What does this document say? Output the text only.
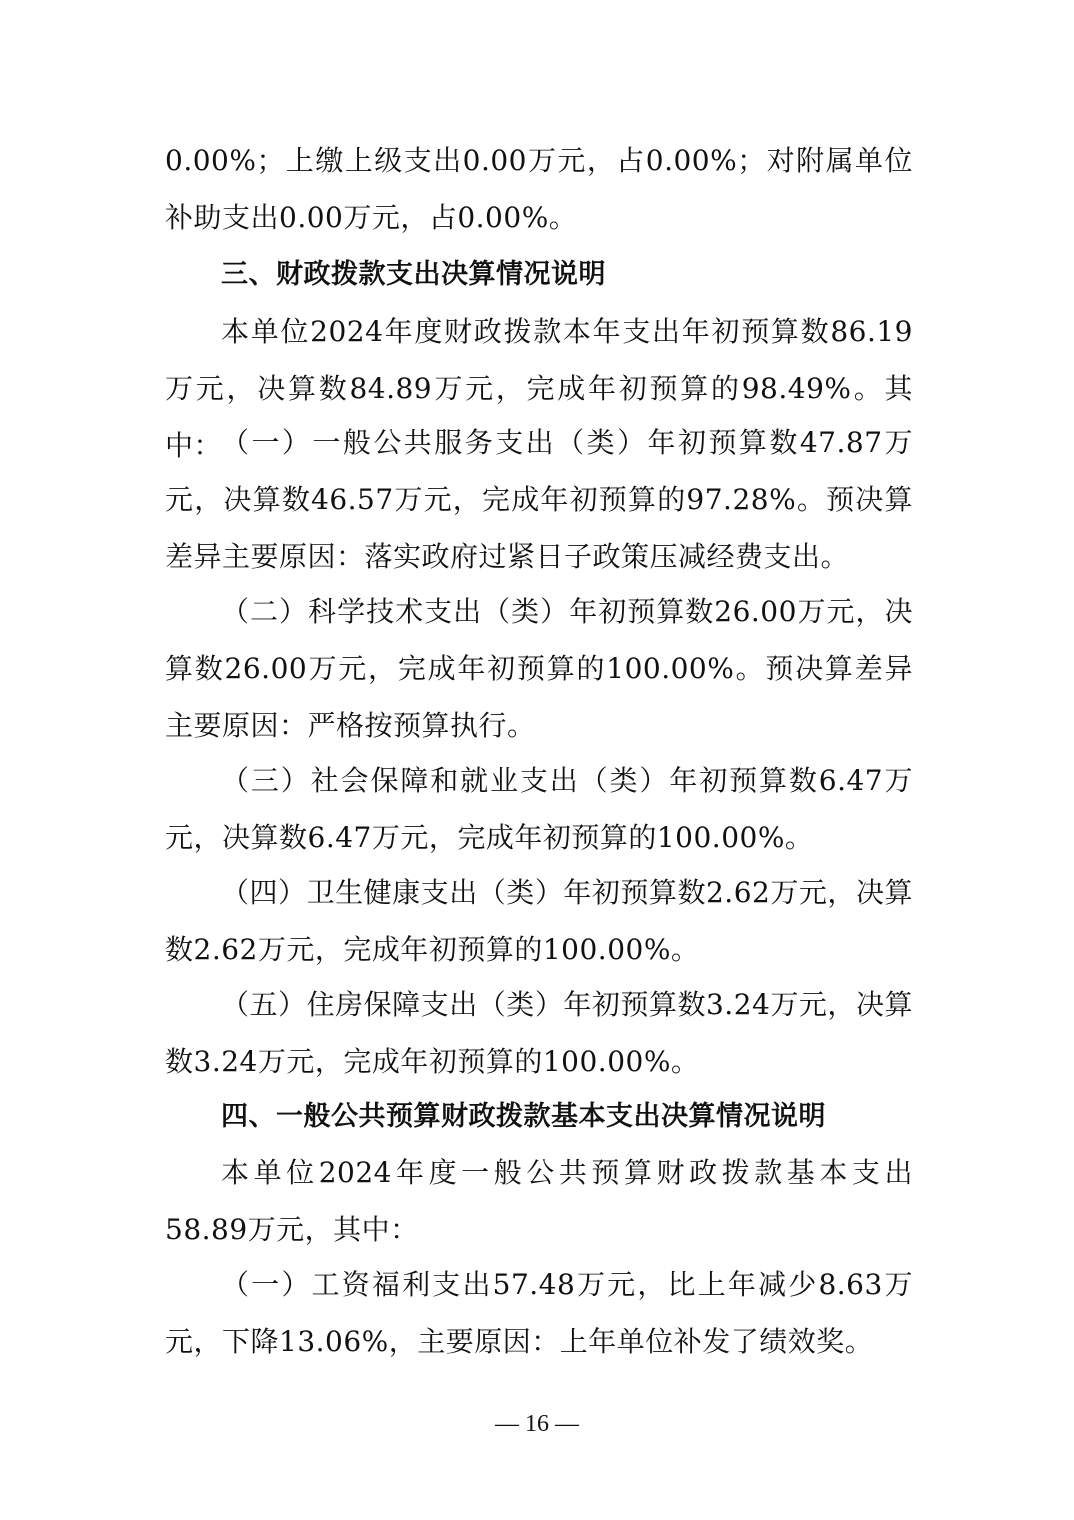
0.00%；上缴上级支出0.00万元，占0.00%；对附属单位补助支出0.00万元，占0.00%。

三、财政拨款支出决算情况说明

本单位2024年度财政拨款本年支出年初预算数86.19万元，决算数84.89万元，完成年初预算的98.49%。其中：

（一）一般公共服务支出（类）年初预算数47.87万元，决算数46.57万元，完成年初预算的97.28%。预决算差异主要原因：落实政府过紧日子政策压减经费支出。

（二）科学技术支出（类）年初预算数26.00万元，决算数26.00万元，完成年初预算的100.00%。预决算差异主要原因：严格按预算执行。

（三）社会保障和就业支出（类）年初预算数6.47万元，决算数6.47万元，完成年初预算的100.00%。

（四）卫生健康支出（类）年初预算数2.62万元，决算数2.62万元，完成年初预算的100.00%。

（五）住房保障支出（类）年初预算数3.24万元，决算数3.24万元，完成年初预算的100.00%。

四、一般公共预算财政拨款基本支出决算情况说明

本单位2024年度一般公共预算财政拨款基本支出58.89万元，其中：

（一）工资福利支出57.48万元，比上年减少8.63万元，下降13.06%，主要原因：上年单位补发了绩效奖。

— 16 —
